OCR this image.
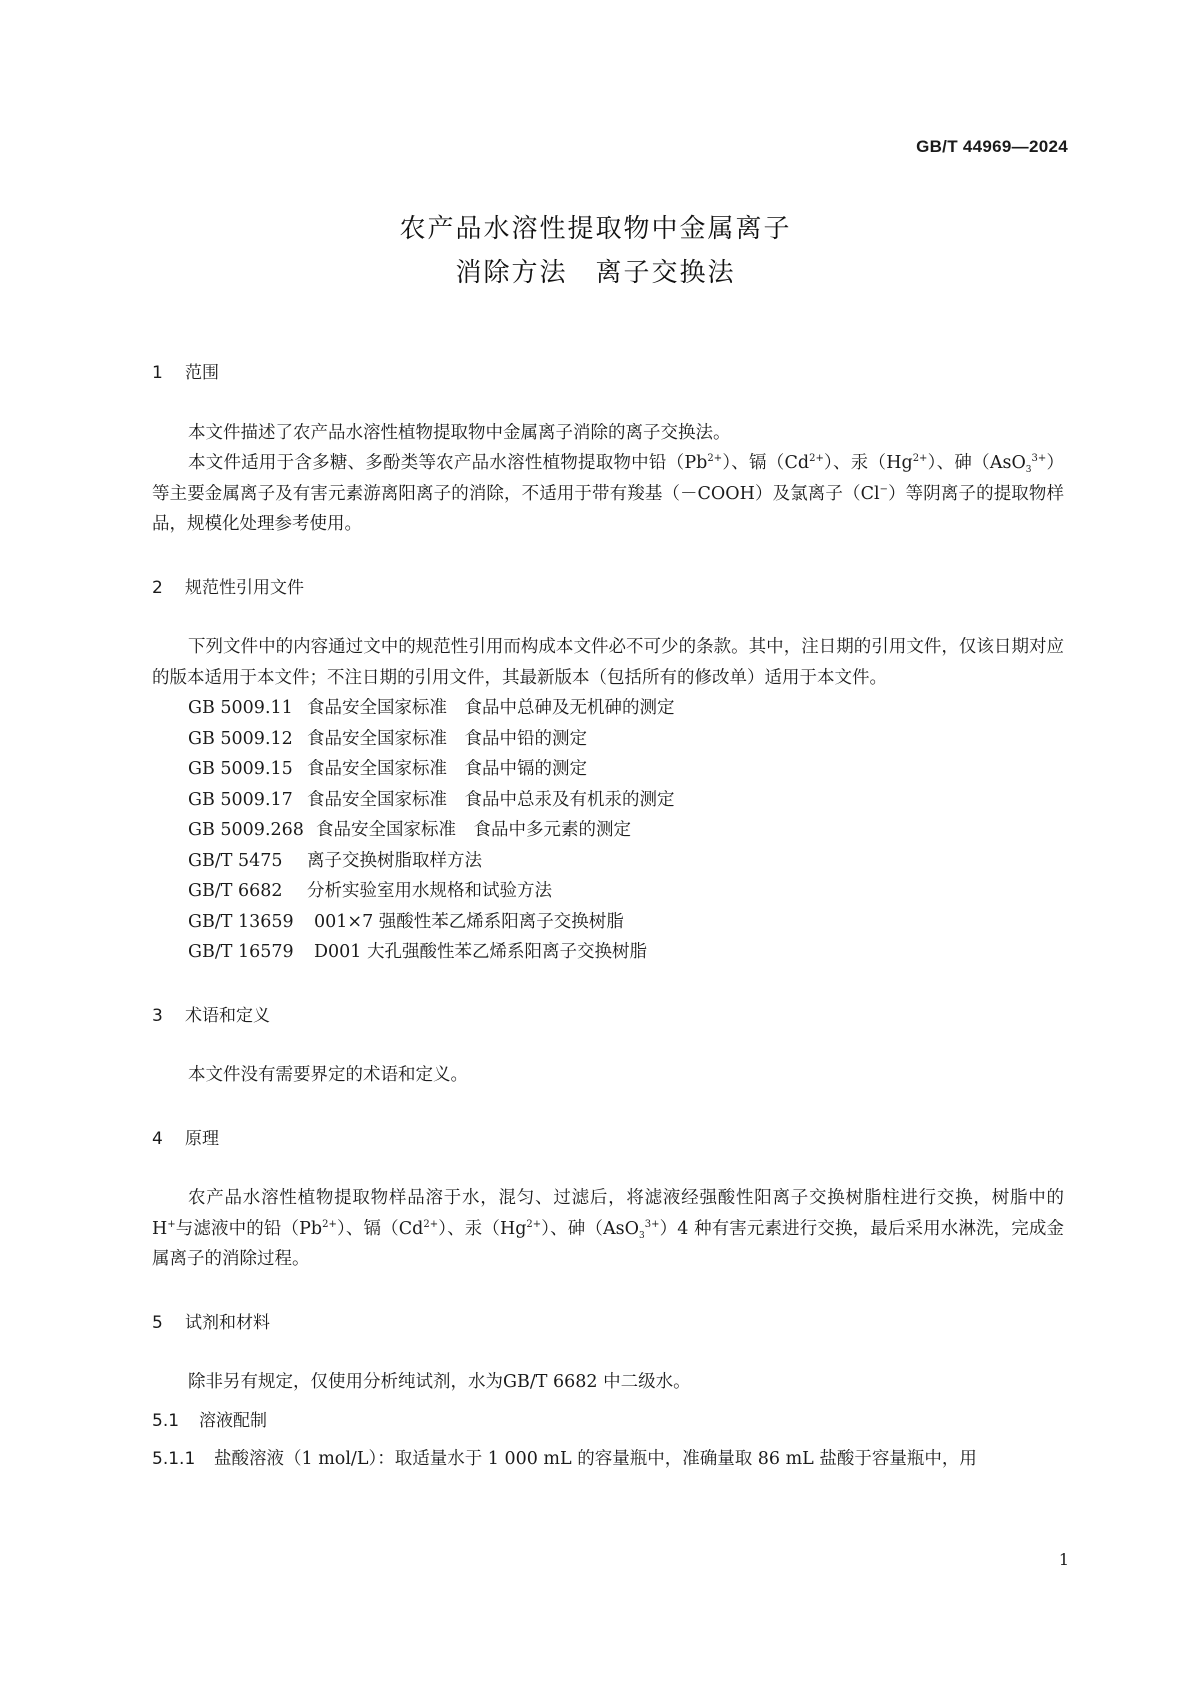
GB/T 44969—2024
农产品水溶性提取物中金属离子
消除方法　离子交换法
1 范围

本文件描述了农产品水溶性植物提取物中金属离子消除的离子交换法。

本文件适用于含多糖、多酚类等农产品水溶性植物提取物中铅$(Pb^{2+})$、镉$(Cd^{2+})$、汞$(Hg^{2+})$、砷（AsO$_3^{3+}$）等主要金属离子及有害元素游离阳离子的消除，不适用于带有羧基（－COOH）及氯离子（Cl−）等阴离子的提取物样品，规模化处理参考使用。

2 规范性引用文件

下列文件中的内容通过文中的规范性引用而构成本文件必不可少的条款。其中，注日期的引用文件，仅该日期对应的版本适用于本文件；不注日期的引用文件，其最新版本（包括所有的修改单）适用于本文件。

GB 5009.11 食品安全国家标准　食品中总砷及无机砷的测定

GB 5009.12 食品安全国家标准　食品中铅的测定

GB 5009.15 食品安全国家标准　食品中镉的测定

GB 5009.17 食品安全国家标准　食品中总汞及有机汞的测定

GB 5009.268 食品安全国家标准　食品中多元素的测定

GB/T 5475 离子交换树脂取样方法

GB/T 6682 分析实验室用水规格和试验方法

GB/T 13659 001×7 强酸性苯乙烯系阳离子交换树脂

GB/T 16579 D001 大孔强酸性苯乙烯系阳离子交换树脂

3 术语和定义

本文件没有需要界定的术语和定义。

4 原理

农产品水溶性植物提取物样品溶于水，混匀、过滤后，将滤液经强酸性阳离子交换树脂柱进行交换，树脂中的H+与滤液中的铅$(Pb^{2+})$、镉$(Cd^{2+})$、汞$(Hg^{2+})$、砷（AsO$_3^{3+}$）4 种有害元素进行交换，最后采用水淋洗，完成金属离子的消除过程。

5 试剂和材料

除非另有规定，仅使用分析纯试剂，水为GB/T 6682 中二级水。

5.1 溶液配制

5.1.1 盐酸溶液（1 mol/L）：取适量水于 1 000 mL 的容量瓶中，准确量取 86 mL 盐酸于容量瓶中，用

1
